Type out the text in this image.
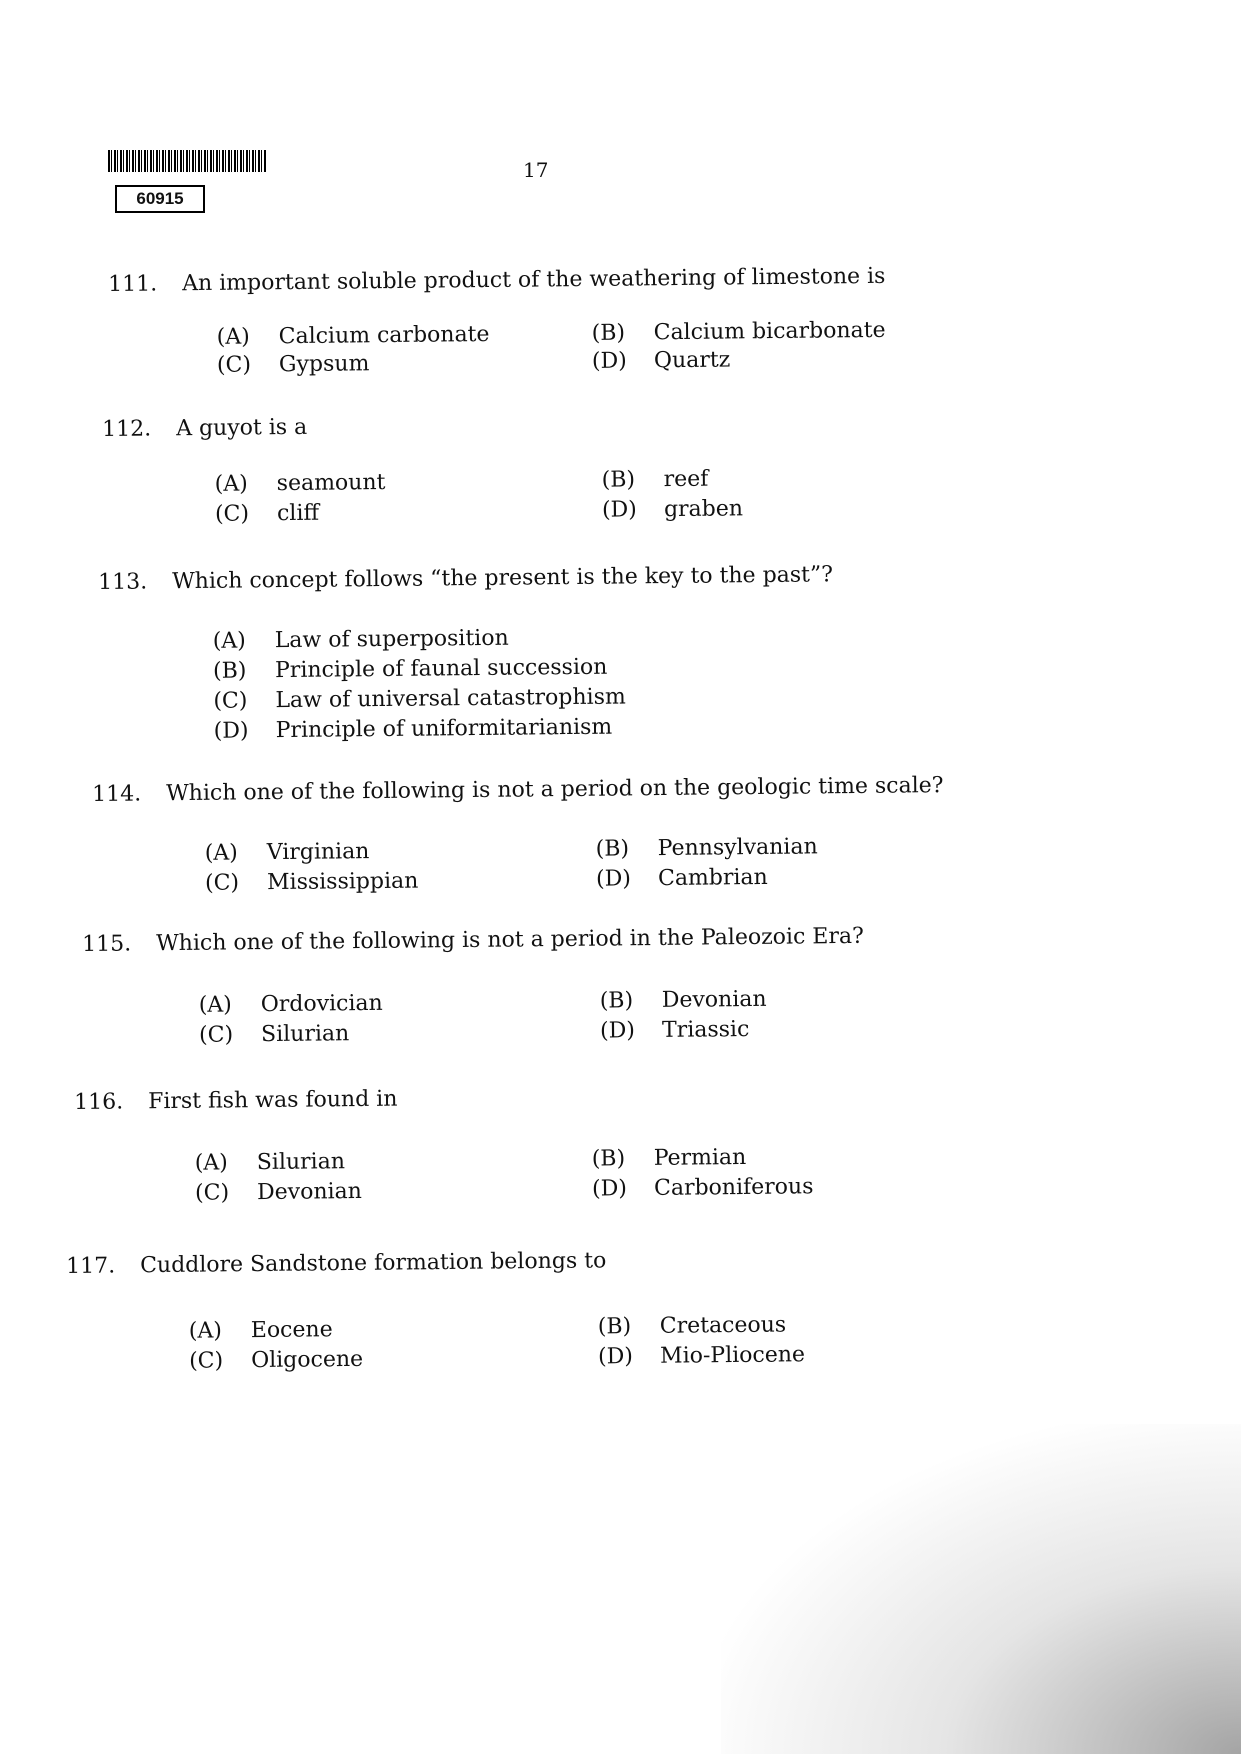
60915
17
111. An important soluble product of the weathering of limestone is
(A) Calcium carbonate	(B) Calcium bicarbonate
(C) Gypsum	(D) Quartz
112. A guyot is a
(A) seamount	(B) reef
(C) cliff	(D) graben
113. Which concept follows “the present is the key to the past”?
(A) Law of superposition
(B) Principle of faunal succession
(C) Law of universal catastrophism
(D) Principle of uniformitarianism
114. Which one of the following is not a period on the geologic time scale?
(A) Virginian	(B) Pennsylvanian
(C) Mississippian	(D) Cambrian
115. Which one of the following is not a period in the Paleozoic Era?
(A) Ordovician	(B) Devonian
(C) Silurian	(D) Triassic
116. First fish was found in
(A) Silurian	(B) Permian
(C) Devonian	(D) Carboniferous
117. Cuddlore Sandstone formation belongs to
(A) Eocene	(B) Cretaceous
(C) Oligocene	(D) Mio-Pliocene
